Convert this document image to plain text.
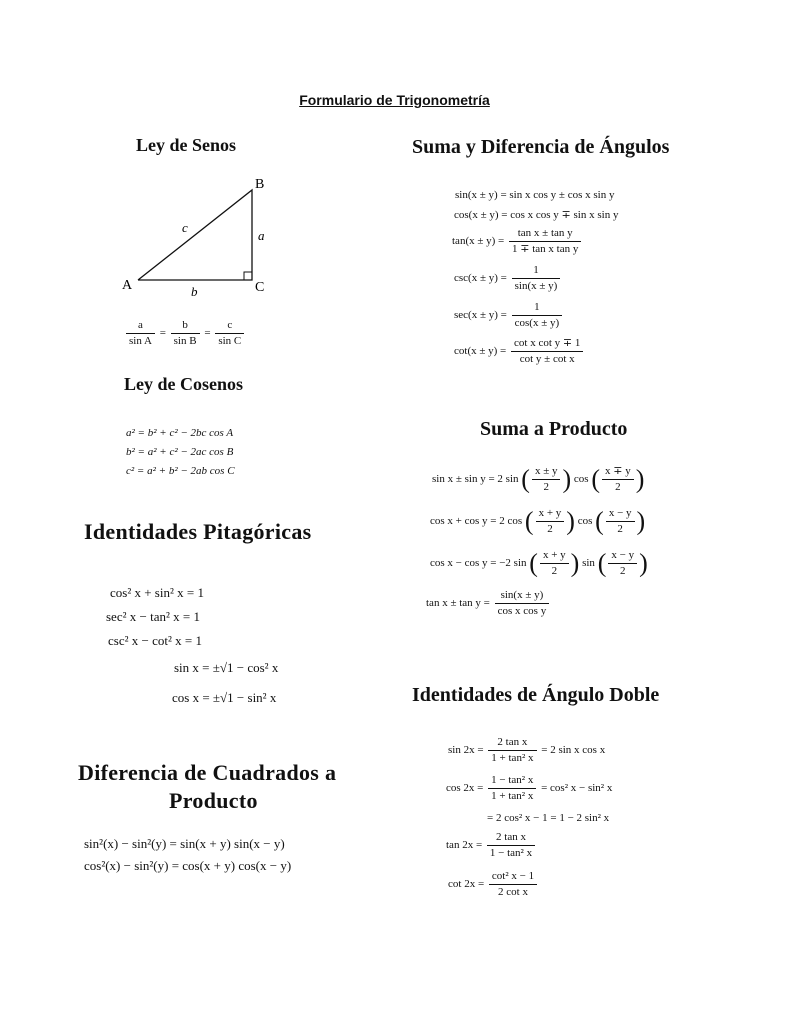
Formulario de Trigonometría
Ley de Senos
A
B
C
a
b
c
$\frac{a}{\text{sin A}} = \frac{b}{\text{sin B}} = \frac{c}{\text{sin C}}$
Ley de Cosenos
a² = b² + c² − 2bc cos A
b² = a² + c² − 2ac cos B
c² = a² + b² − 2ab cos C
Identidades Pitagóricas
cos² x + sin² x = 1
sec² x − tan² x = 1
csc² x − cot² x = 1
sin x = ±√1 − cos² x
cos x = ±√1 − sin² x
Diferencia de Cuadrados a
Producto
sin²(x) − sin²(y) = sin(x + y) sin(x − y)
cos²(x) − sin²(y) = cos(x + y) cos(x − y)
Suma y Diferencia de Ángulos
sin(x ± y) = sin x cos y ± cos x sin y
cos(x ± y) = cos x cos y ∓ sin x sin y
$\tan(x \pm y) = \frac{\text{tan x ± tan y}}{\text{1 ∓ tan x tan y}}$
$\csc(x \pm y) = \frac{1}{\sin(x \pm y)}$
$\sec(x \pm y) = \frac{1}{\cos(x \pm y)}$
$\cot(x \pm y) = \frac{\text{cot x cot y ∓ 1}}{\text{cot y ± cot x}}$
Suma a Producto
sin x ± sin y = 2 sin ( $\frac{x \pm y}{2}$ ) cos ( $\frac{x \mp y}{2}$ )
cos x + cos y = 2 cos ( $\frac{x + y}{2}$ ) cos ( $\frac{x - y}{2}$ )
cos x − cos y = −2 sin ( $\frac{x + y}{2}$ ) sin ( $\frac{x - y}{2}$ )
$\tan x \pm \tan y = \frac{\sin(x \pm y)}{\text{cos x cos y}}$
Identidades de Ángulo Doble
$\sin 2x = \frac{\text{2 tan x}}{\text{1 + tan² x}} = 2$ sin x cos x
$\cos 2x = \frac{\text{1 − tan² x}}{\text{1 + tan² x}} = \cos^2$ x − sin² x
= 2 cos² x − 1 = 1 − 2 sin² x
$\tan 2x = \frac{\text{2 tan x}}{\text{1 − tan² x}}$
$\cot 2x = \frac{\text{cot² x − 1}}{\text{2 cot x}}$
